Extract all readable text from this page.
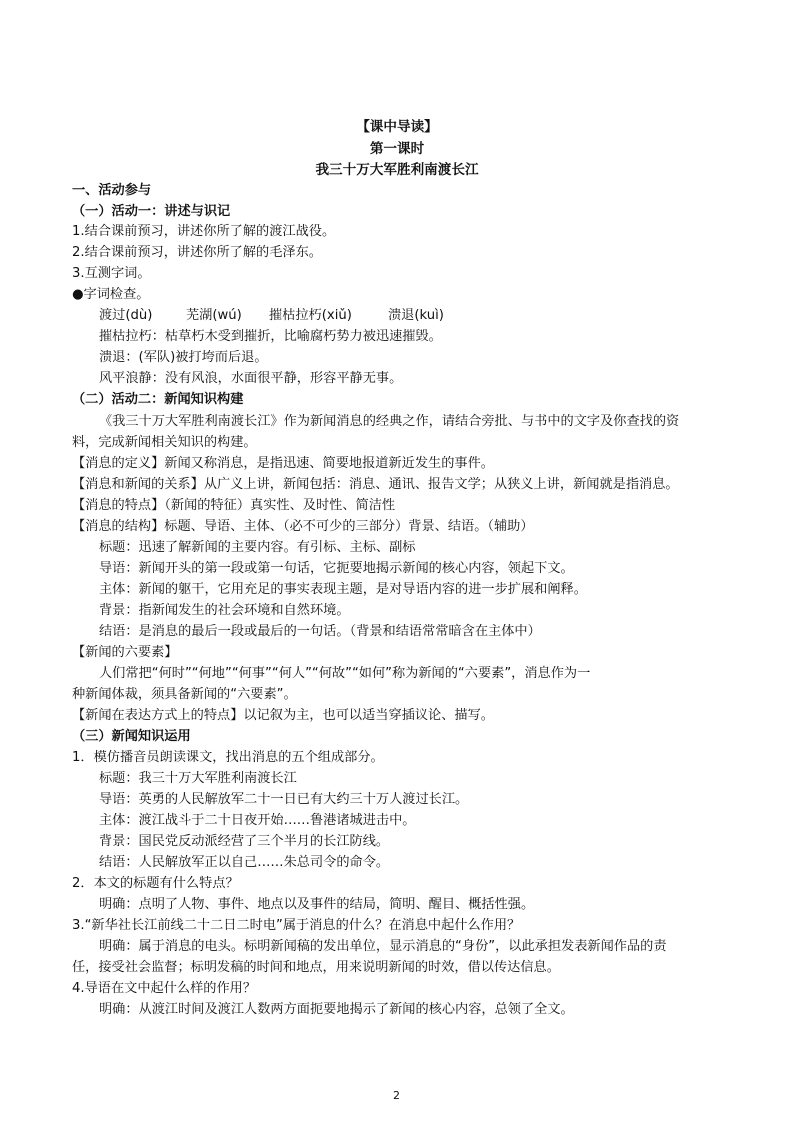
【课中导读】
第一课时
我三十万大军胜利南渡长江
一、活动参与
（一）活动一：讲述与识记
1.结合课前预习，讲述你所了解的渡江战役。
2.结合课前预习，讲述你所了解的毛泽东。
3.互测字词。
●字词检查。
渡过(dù)	芜湖(wú) 摧枯拉朽(xiǔ)	溃退(kuì)
摧枯拉朽：枯草朽木受到摧折，比喻腐朽势力被迅速摧毁。
溃退：(军队)被打垮而后退。
风平浪静：没有风浪，水面很平静，形容平静无事。
（二）活动二：新闻知识构建
《我三十万大军胜利南渡长江》作为新闻消息的经典之作，请结合旁批、与书中的文字及你查找的资
料，完成新闻相关知识的构建。
【消息的定义】新闻又称消息，是指迅速、简要地报道新近发生的事件。
【消息和新闻的关系】从广义上讲，新闻包括：消息、通讯、报告文学；从狭义上讲，新闻就是指消息。
【消息的特点】（新闻的特征）真实性、及时性、简洁性
【消息的结构】标题、导语、主体、（必不可少的三部分）背景、结语。（辅助）
标题：迅速了解新闻的主要内容。有引标、主标、副标
导语：新闻开头的第一段或第一句话，它扼要地揭示新闻的核心内容，领起下文。
主体：新闻的躯干，它用充足的事实表现主题，是对导语内容的进一步扩展和阐释。
背景：指新闻发生的社会环境和自然环境。
结语：是消息的最后一段或最后的一句话。（背景和结语常常暗含在主体中）
【新闻的六要素】
人们常把“何时”“何地”“何事”“何人”“何故”“如何”称为新闻的“六要素”，消息作为一
种新闻体裁，须具备新闻的“六要素”。
【新闻在表达方式上的特点】以记叙为主，也可以适当穿插议论、描写。
（三）新闻知识运用
1．模仿播音员朗读课文，找出消息的五个组成部分。
标题：我三十万大军胜利南渡长江
导语：英勇的人民解放军二十一日已有大约三十万人渡过长江。
主体：渡江战斗于二十日夜开始……鲁港诸城进击中。
背景：国民党反动派经营了三个半月的长江防线。
结语：人民解放军正以自己……朱总司令的命令。
2．本文的标题有什么特点？
明确：点明了人物、事件、地点以及事件的结局，简明、醒目、概括性强。
3.“新华社长江前线二十二日二时电”属于消息的什么？在消息中起什么作用？
明确：属于消息的电头。标明新闻稿的发出单位，显示消息的“身份”，以此承担发表新闻作品的责
任，接受社会监督；标明发稿的时间和地点，用来说明新闻的时效，借以传达信息。
4.导语在文中起什么样的作用？
明确：从渡江时间及渡江人数两方面扼要地揭示了新闻的核心内容，总领了全文。
2
